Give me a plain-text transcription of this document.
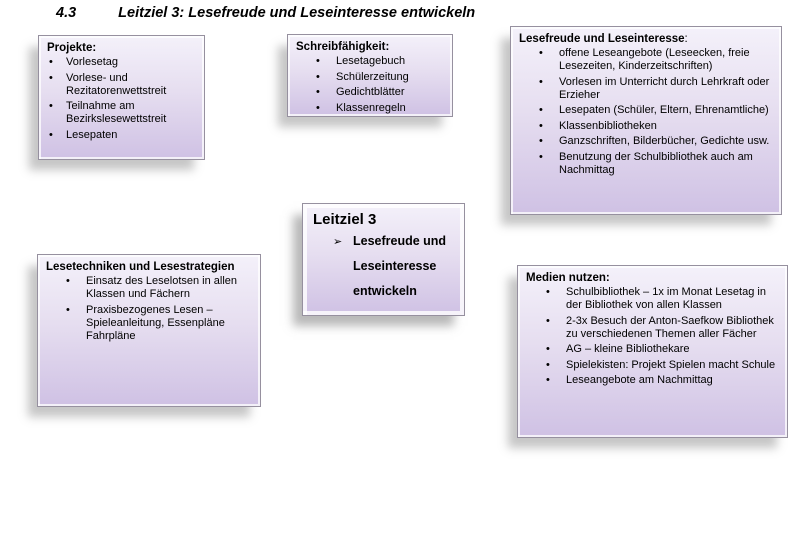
4.3	Leitziel 3: Lesefreude und Leseinteresse entwickeln
Projekte:
• Vorlesetag
• Vorlese- und Rezitatorenwettstreit
• Teilnahme am Bezirkslesewettstreit
• Lesepaten
Schreibfähigkeit:
• Lesetagebuch
• Schülerzeitung
• Gedichtblätter
• Klassenregeln
Lesefreude und Leseinteresse:
• offene Leseangebote (Leseecken, freie Lesezeiten, Kinderzeitschriften)
• Vorlesen im Unterricht durch Lehrkraft oder Erzieher
• Lesepaten (Schüler, Eltern, Ehrenamtliche)
• Klassenbibliotheken
• Ganzschriften, Bilderbücher, Gedichte usw.
• Benutzung der Schulbibliothek auch am Nachmittag
Leitziel 3
➢ Lesefreude und Leseinteresse entwickeln
Lesetechniken und Lesestrategien
• Einsatz des Leselotsen in allen Klassen und Fächern
• Praxisbezogenes Lesen – Spieleanleitung, Essenpläne Fahrpläne
Medien nutzen:
• Schulbibliothek – 1x im Monat Lesetag in der Bibliothek von allen Klassen
• 2-3x Besuch der Anton-Saefkow Bibliothek zu verschiedenen Themen aller Fächer
• AG – kleine Bibliothekare
• Spielekisten: Projekt Spielen macht Schule
• Leseangebote am Nachmittag
